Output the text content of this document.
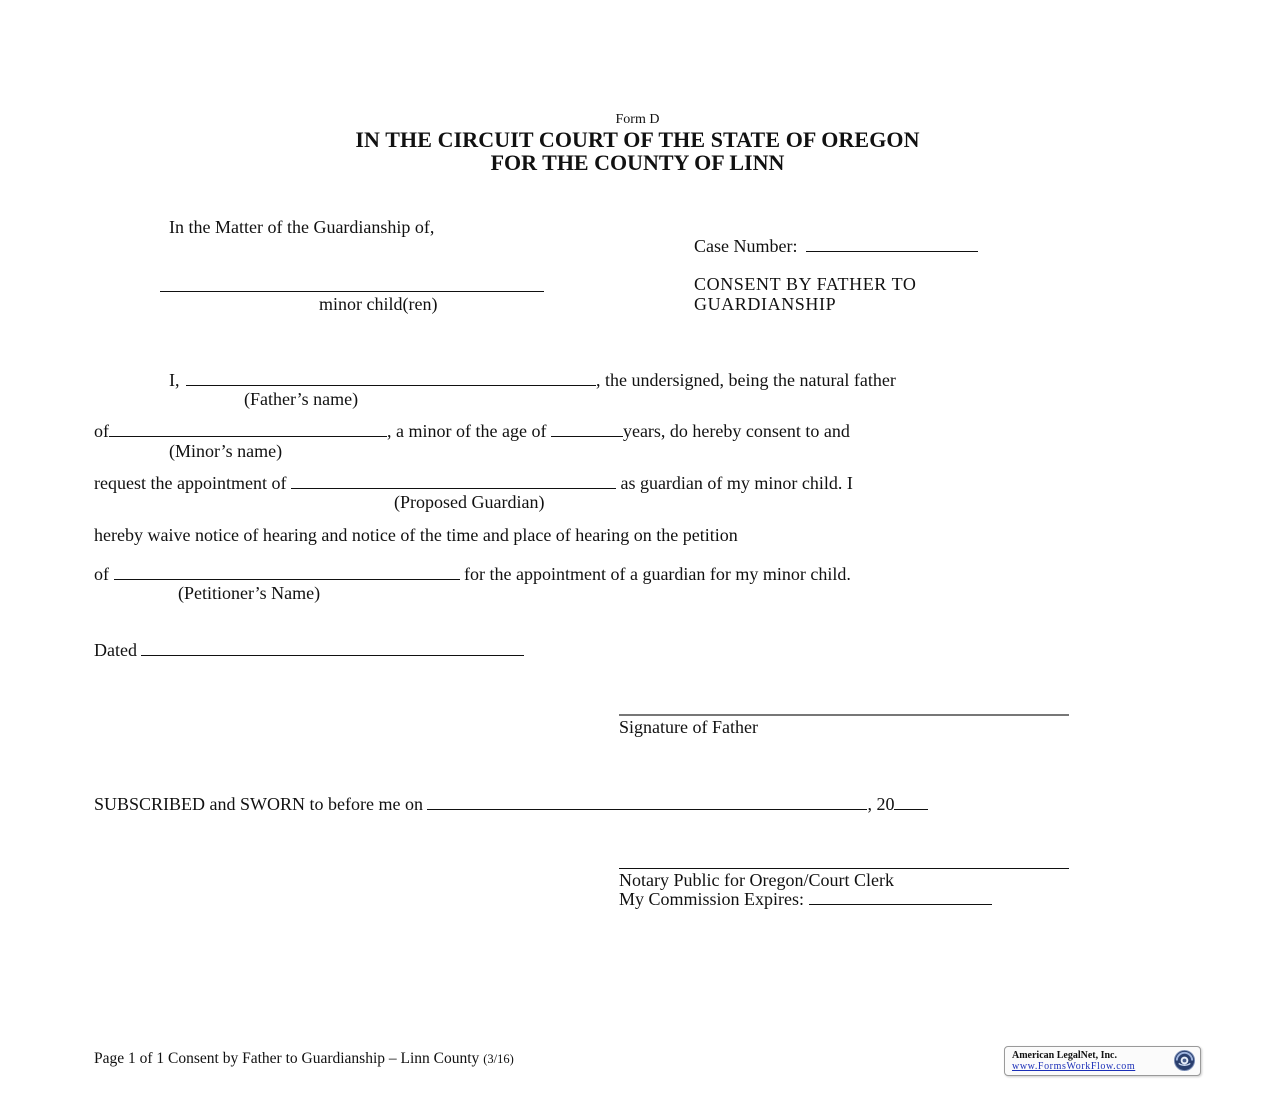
Form D
IN THE CIRCUIT COURT OF THE STATE OF OREGON
FOR THE COUNTY OF LINN
In the Matter of the Guardianship of,
minor child(ren)
Case Number:
CONSENT BY FATHER TO
GUARDIANSHIP
I,	, the undersigned, being the natural father
(Father’s name)
of	, a minor of the age of	years, do hereby consent to and
(Minor’s name)
request the appointment of	as guardian of my minor child. I
(Proposed Guardian)
hereby waive notice of hearing and notice of the time and place of hearing on the petition
of	for the appointment of a guardian for my minor child.
(Petitioner’s Name)
Dated
Signature of Father
SUBSCRIBED and SWORN to before me on	, 20
Notary Public for Oregon/Court Clerk
My Commission Expires:
Page 1 of 1 Consent by Father to Guardianship – Linn County (3/16)	American LegalNet, Inc.
www.FormsWorkFlow.com
